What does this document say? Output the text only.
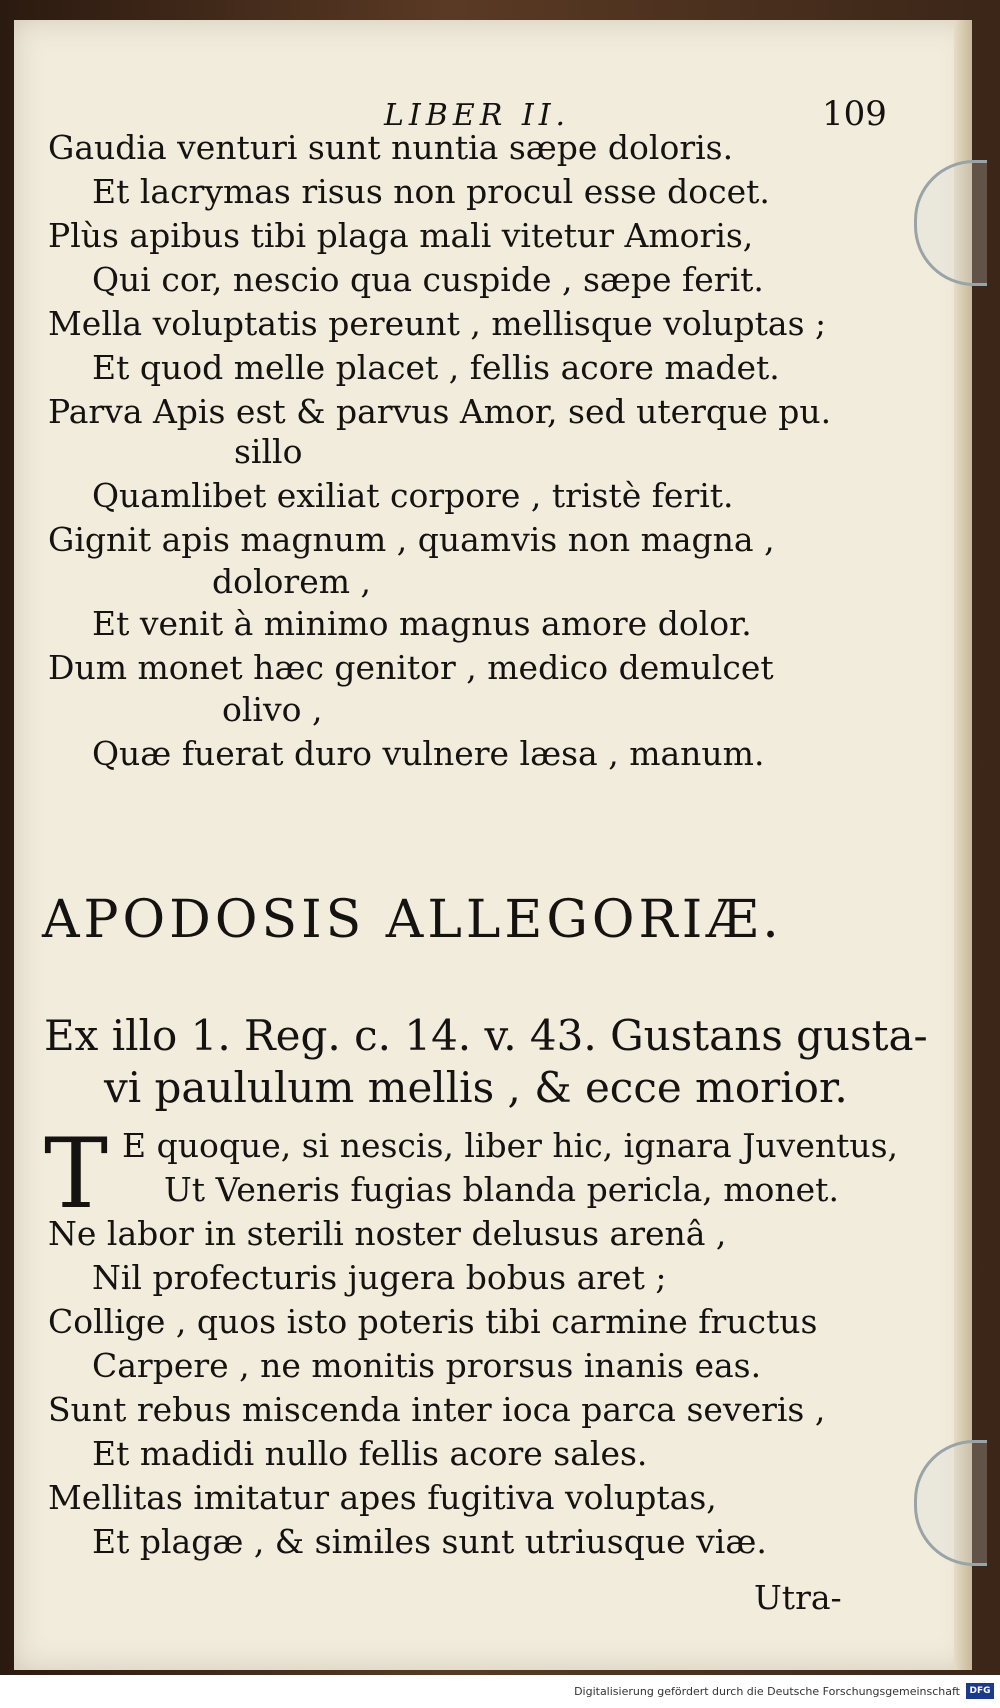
LIBER II.	109
Gaudia venturi sunt nuntia sæpe doloris.
Et lacrymas risus non procul esse docet.
Plùs apibus tibi plaga mali vitetur Amoris,
Qui cor, nescio qua cuspide , sæpe ferit.
Mella voluptatis pereunt , mellisque voluptas ;
Et quod melle placet , fellis acore madet.
Parva Apis est & parvus Amor, sed uterque pu.
sillo
Quamlibet exiliat corpore , tristè ferit.
Gignit apis magnum , quamvis non magna ,
dolorem ,
Et venit à minimo magnus amore dolor.
Dum monet hæc genitor , medico demulcet
olivo ,
Quæ fuerat duro vulnere læsa , manum.
APODOSIS ALLEGORIÆ.
Ex illo 1. Reg. c. 14. v. 43. Gustans gusta-
vi paululum mellis , & ecce morior.
T E quoque, si nescis, liber hic, ignara Juventus,
Ut Veneris fugias blanda pericla, monet.
Ne labor in sterili noster delusus arenâ ,
Nil profecturis jugera bobus aret ;
Collige , quos isto poteris tibi carmine fructus
Carpere , ne monitis prorsus inanis eas.
Sunt rebus miscenda inter ioca parca severis ,
Et madidi nullo fellis acore sales.
Mellitas imitatur apes fugitiva voluptas,
Et plagæ , & similes sunt utriusque viæ.
Utra-
Digitalisierung gefördert durch die Deutsche Forschungsgemeinschaft	DFG
